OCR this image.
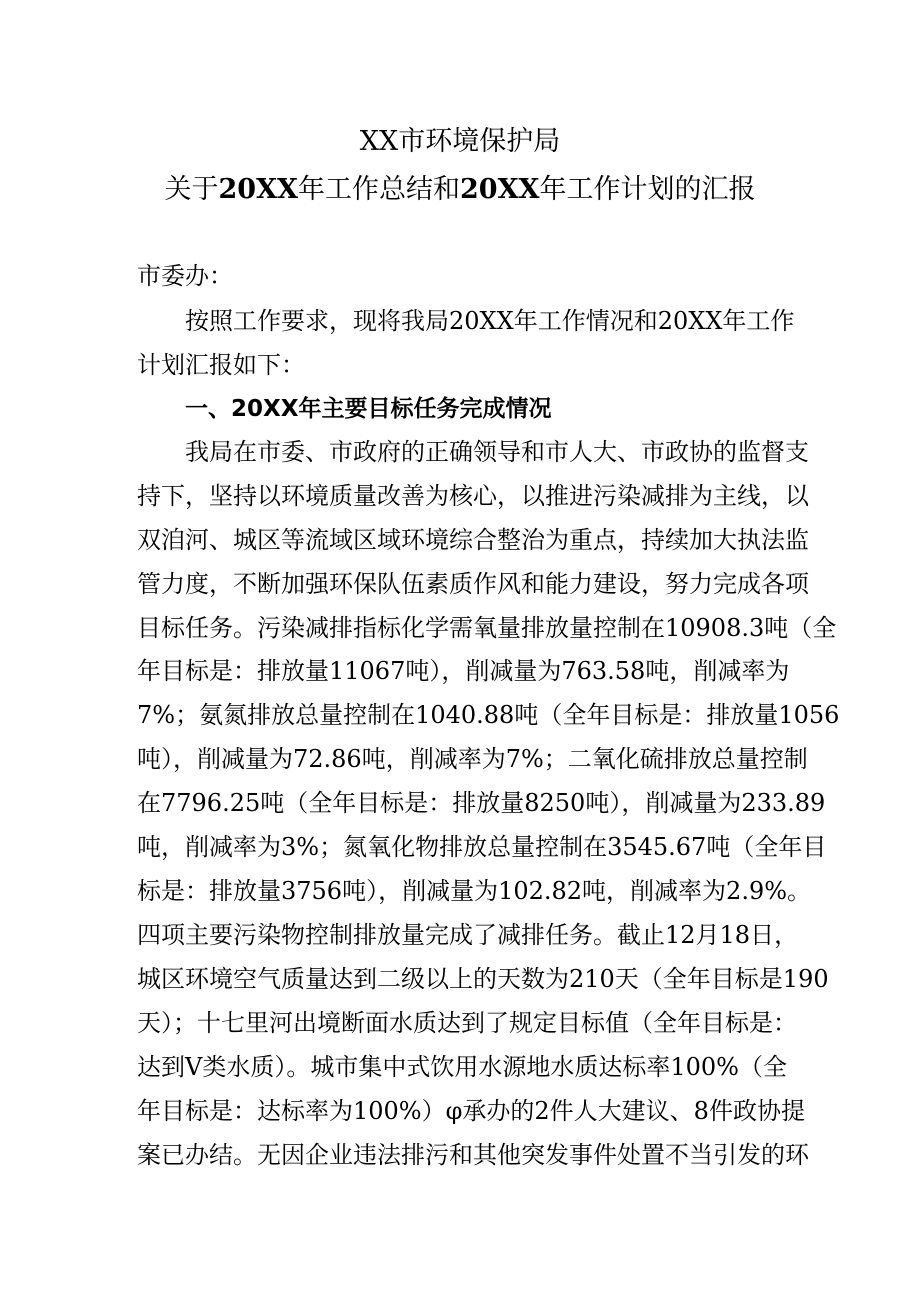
XX市环境保护局
关于20XX年工作总结和20XX年工作计划的汇报
市委办：
按照工作要求，现将我局20XX年工作情况和20XX年工作
计划汇报如下：
一、20XX年主要目标任务完成情况
我局在市委、市政府的正确领导和市人大、市政协的监督支
持下，坚持以环境质量改善为核心，以推进污染减排为主线，以
双洎河、城区等流域区域环境综合整治为重点，持续加大执法监
管力度，不断加强环保队伍素质作风和能力建设，努力完成各项
目标任务。污染减排指标化学需氧量排放量控制在10908.3吨（全
年目标是：排放量11067吨），削减量为763.58吨，削减率为
7%；氨氮排放总量控制在1040.88吨（全年目标是：排放量1056
吨），削减量为72.86吨，削减率为7%；二氧化硫排放总量控制
在7796.25吨（全年目标是：排放量8250吨），削减量为233.89
吨，削减率为3%；氮氧化物排放总量控制在3545.67吨（全年目
标是：排放量3756吨），削减量为102.82吨，削减率为2.9%。
四项主要污染物控制排放量完成了减排任务。截止12月18日，
城区环境空气质量达到二级以上的天数为210天（全年目标是190
天）；十七里河出境断面水质达到了规定目标值（全年目标是：
达到V类水质）。城市集中式饮用水源地水质达标率100%（全
年目标是：达标率为100%）φ承办的2件人大建议、8件政协提
案已办结。无因企业违法排污和其他突发事件处置不当引发的环
